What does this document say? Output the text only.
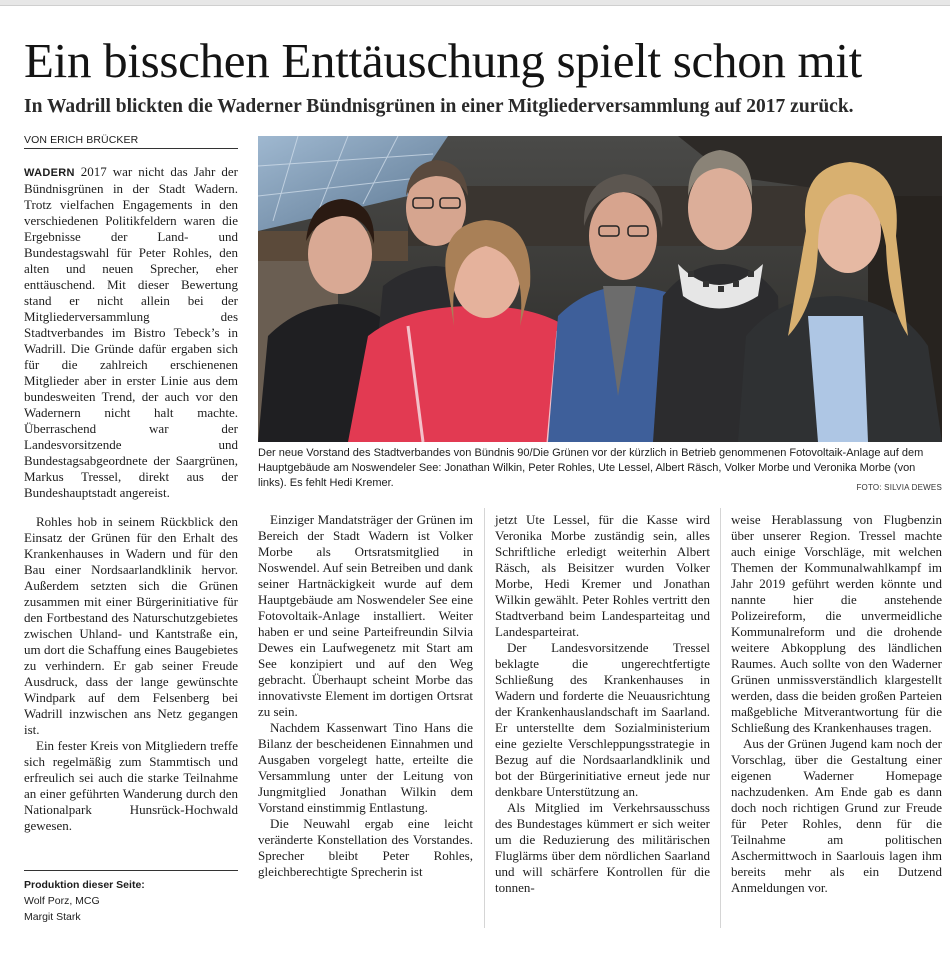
Ein bisschen Enttäuschung spielt schon mit
In Wadrill blickten die Waderner Bündnisgrünen in einer Mitgliederversammlung auf 2017 zurück.
VON ERICH BRÜCKER

WADERN 2017 war nicht das Jahr der Bündnisgrünen in der Stadt Wadern. Trotz vielfachen Engagements in den verschiedenen Politikfeldern waren die Ergebnisse der Land- und Bundestagswahl für Peter Rohles, den alten und neuen Sprecher, eher enttäuschend. Mit dieser Bewertung stand er nicht allein bei der Mitgliederversammlung des Stadtverbandes im Bistro Tebeck’s in Wadrill. Die Gründe dafür ergaben sich für die zahlreich erschienenen Mitglieder aber in erster Linie aus dem bundesweiten Trend, der auch vor den Wadernern nicht halt machte. Überraschend war der Landesvorsitzende und Bundestagsabgeordnete der Saargrünen, Markus Tressel, direkt aus der Bundeshauptstadt angereist.

Rohles hob in seinem Rückblick den Einsatz der Grünen für den Erhalt des Krankenhauses in Wadern und für den Bau einer Nordsaarlandklinik hervor. Außerdem setzten sich die Grünen zusammen mit einer Bürgerinitiative für den Fortbestand des Naturschutzgebietes zwischen Uhland- und Kantstraße ein, um dort die Schaffung eines Baugebietes zu verhindern. Er gab seiner Freude Ausdruck, dass der lange gewünschte Windpark auf dem Felsenberg bei Wadrill inzwischen ans Netz gegangen ist.

Ein fester Kreis von Mitgliedern treffe sich regelmäßig zum Stammtisch und erfreulich sei auch die starke Teilnahme an einer geführten Wanderung durch den Nationalpark Hunsrück-Hochwald gewesen.

Der neue Vorstand des Stadtverbandes von Bündnis 90/Die Grünen vor der kürzlich in Betrieb genommenen Fotovoltaik-Anlage auf dem Hauptgebäude am Noswendeler See: Jonathan Wilkin, Peter Rohles, Ute Lessel, Albert Räsch, Volker Morbe und Veronika Morbe (von links). Es fehlt Hedi Kremer.	FOTO: SILVIA DEWES

Einziger Mandatsträger der Grünen im Bereich der Stadt Wadern ist Volker Morbe als Ortsratsmitglied in Noswendel. Auf sein Betreiben und dank seiner Hartnäckigkeit wurde auf dem Hauptgebäude am Noswendeler See eine Fotovoltaik-Anlage installiert. Weiter haben er und seine Parteifreundin Silvia Dewes ein Laufwegenetz mit Start am See konzipiert und auf den Weg gebracht. Überhaupt scheint Morbe das innovativste Element im dortigen Ortsrat zu sein.

Nachdem Kassenwart Tino Hans die Bilanz der bescheidenen Einnahmen und Ausgaben vorgelegt hatte, erteilte die Versammlung unter der Leitung von Jungmitglied Jonathan Wilkin dem Vorstand einstimmig Entlastung.

Die Neuwahl ergab eine leicht veränderte Konstellation des Vorstandes. Sprecher bleibt Peter Rohles, gleichberechtigte Sprecherin ist

jetzt Ute Lessel, für die Kasse wird Veronika Morbe zuständig sein, alles Schriftliche erledigt weiterhin Albert Räsch, als Beisitzer wurden Volker Morbe, Hedi Kremer und Jonathan Wilkin gewählt. Peter Rohles vertritt den Stadtverband beim Landesparteitag und Landesparteirat.

Der Landesvorsitzende Tressel beklagte die ungerechtfertigte Schließung des Krankenhauses in Wadern und forderte die Neuausrichtung der Krankenhauslandschaft im Saarland. Er unterstellte dem Sozialministerium eine gezielte Verschleppungsstrategie in Bezug auf die Nordsaarlandklinik und bot der Bürgerinitiative erneut jede nur denkbare Unterstützung an.

Als Mitglied im Verkehrsausschuss des Bundestages kümmert er sich weiter um die Reduzierung des militärischen Fluglärms über dem nördlichen Saarland und will schärfere Kontrollen für die tonnen-

weise Herablassung von Flugbenzin über unserer Region. Tressel machte auch einige Vorschläge, mit welchen Themen der Kommunalwahlkampf im Jahr 2019 geführt werden könnte und nannte hier die anstehende Polizeireform, die unvermeidliche Kommunalreform und die drohende weitere Abkopplung des ländlichen Raumes. Auch sollte von den Waderner Grünen unmissverständlich klargestellt werden, dass die beiden großen Parteien maßgebliche Mitverantwortung für die Schließung des Krankenhauses tragen.

Aus der Grünen Jugend kam noch der Vorschlag, über die Gestaltung einer eigenen Waderner Homepage nachzudenken. Am Ende gab es dann doch noch richtigen Grund zur Freude für Peter Rohles, denn für die Teilnahme am politischen Aschermittwoch in Saarlouis lagen ihm bereits mehr als ein Dutzend Anmeldungen vor.

Produktion dieser Seite:
Wolf Porz, MCG
Margit Stark
